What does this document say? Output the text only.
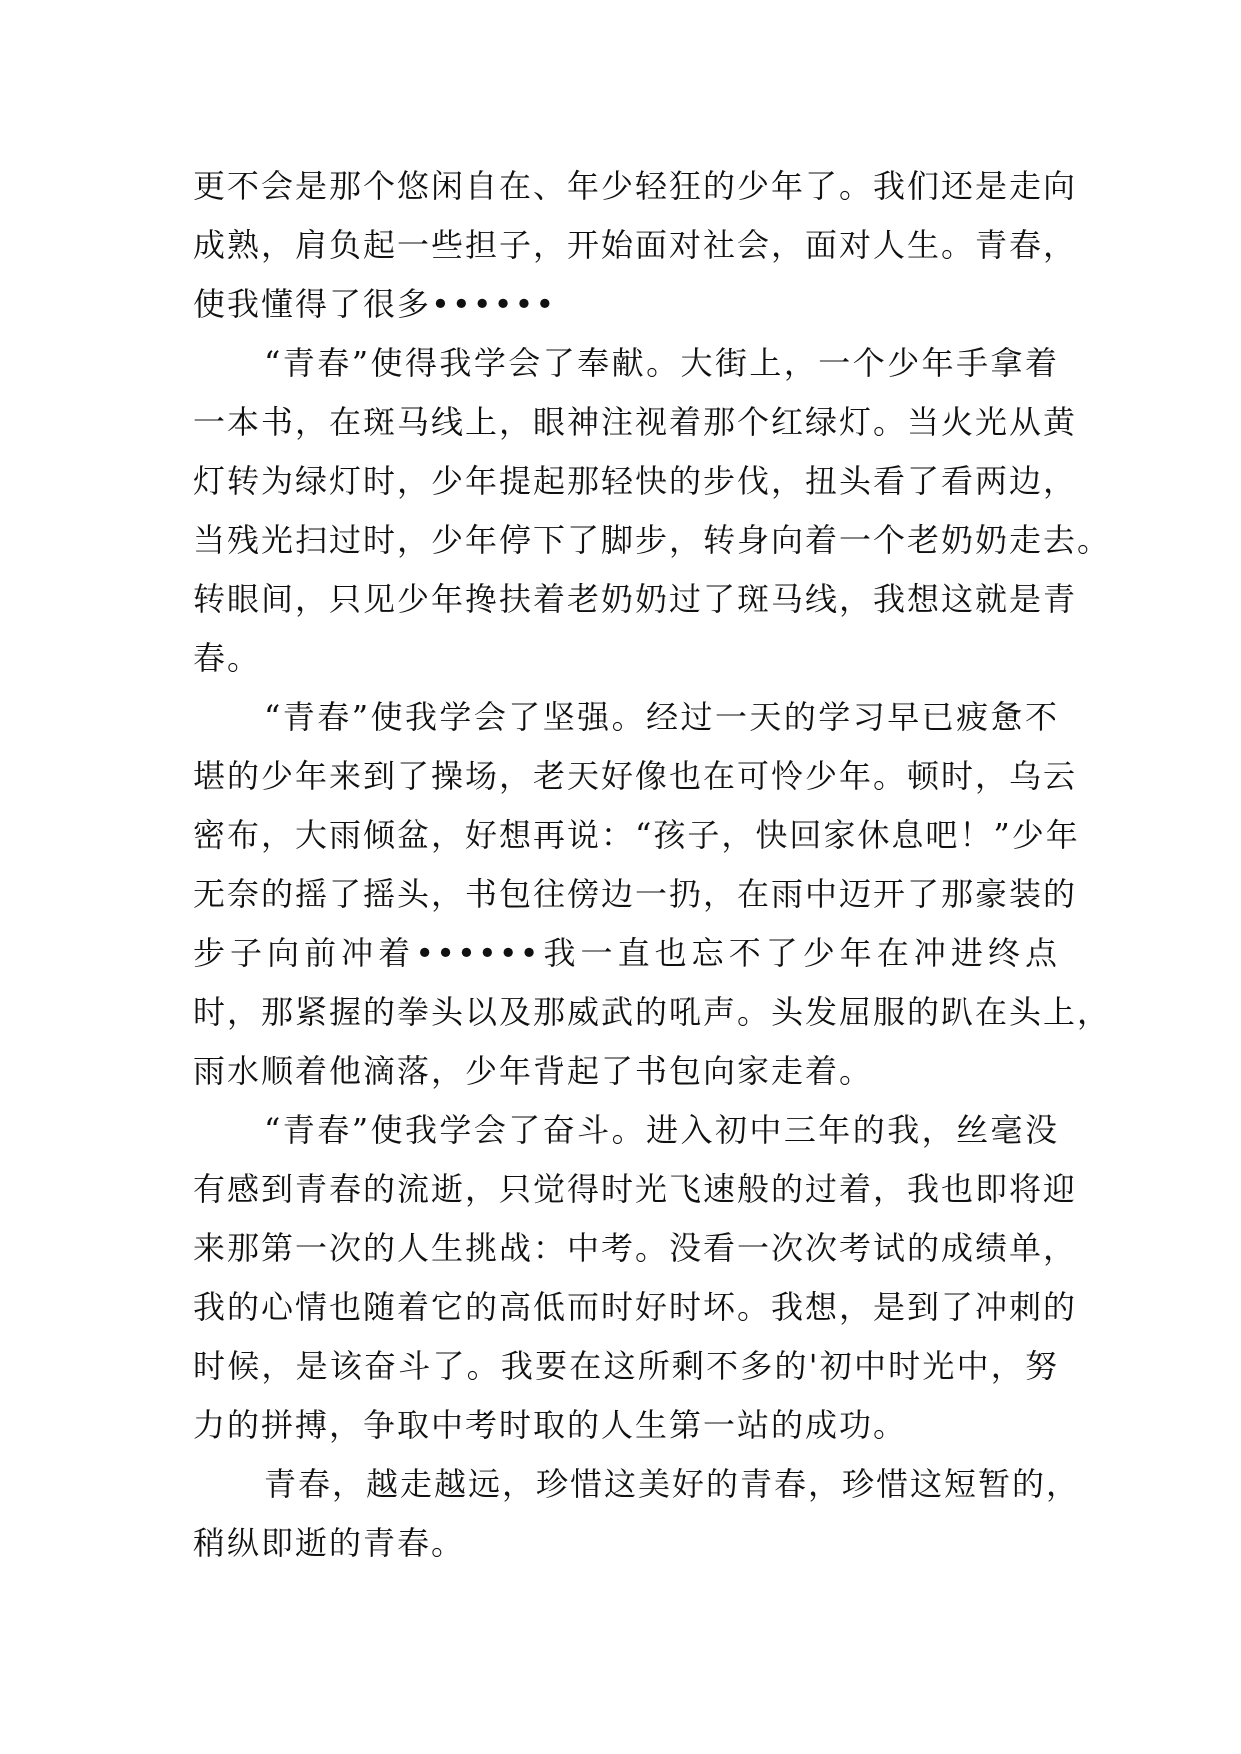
更不会是那个悠闲自在、年少轻狂的少年了。我们还是走向
成熟，肩负起一些担子，开始面对社会，面对人生。青春，
使我懂得了很多••••••
“青春”使得我学会了奉献。大街上，一个少年手拿着
一本书，在斑马线上，眼神注视着那个红绿灯。当火光从黄
灯转为绿灯时，少年提起那轻快的步伐，扭头看了看两边，
当残光扫过时，少年停下了脚步，转身向着一个老奶奶走去。
转眼间，只见少年搀扶着老奶奶过了斑马线，我想这就是青
春。
“青春”使我学会了坚强。经过一天的学习早已疲惫不
堪的少年来到了操场，老天好像也在可怜少年。顿时，乌云
密布，大雨倾盆，好想再说：“孩子，快回家休息吧！”少年
无奈的摇了摇头，书包往傍边一扔，在雨中迈开了那豪装的
步子向前冲着••••••我一直也忘不了少年在冲进终点
时，那紧握的拳头以及那威武的吼声。头发屈服的趴在头上，
雨水顺着他滴落，少年背起了书包向家走着。
“青春”使我学会了奋斗。进入初中三年的我，丝毫没
有感到青春的流逝，只觉得时光飞速般的过着，我也即将迎
来那第一次的人生挑战：中考。没看一次次考试的成绩单，
我的心情也随着它的高低而时好时坏。我想，是到了冲刺的
时候，是该奋斗了。我要在这所剩不多的'初中时光中，努
力的拼搏，争取中考时取的人生第一站的成功。
青春，越走越远，珍惜这美好的青春，珍惜这短暂的，
稍纵即逝的青春。
